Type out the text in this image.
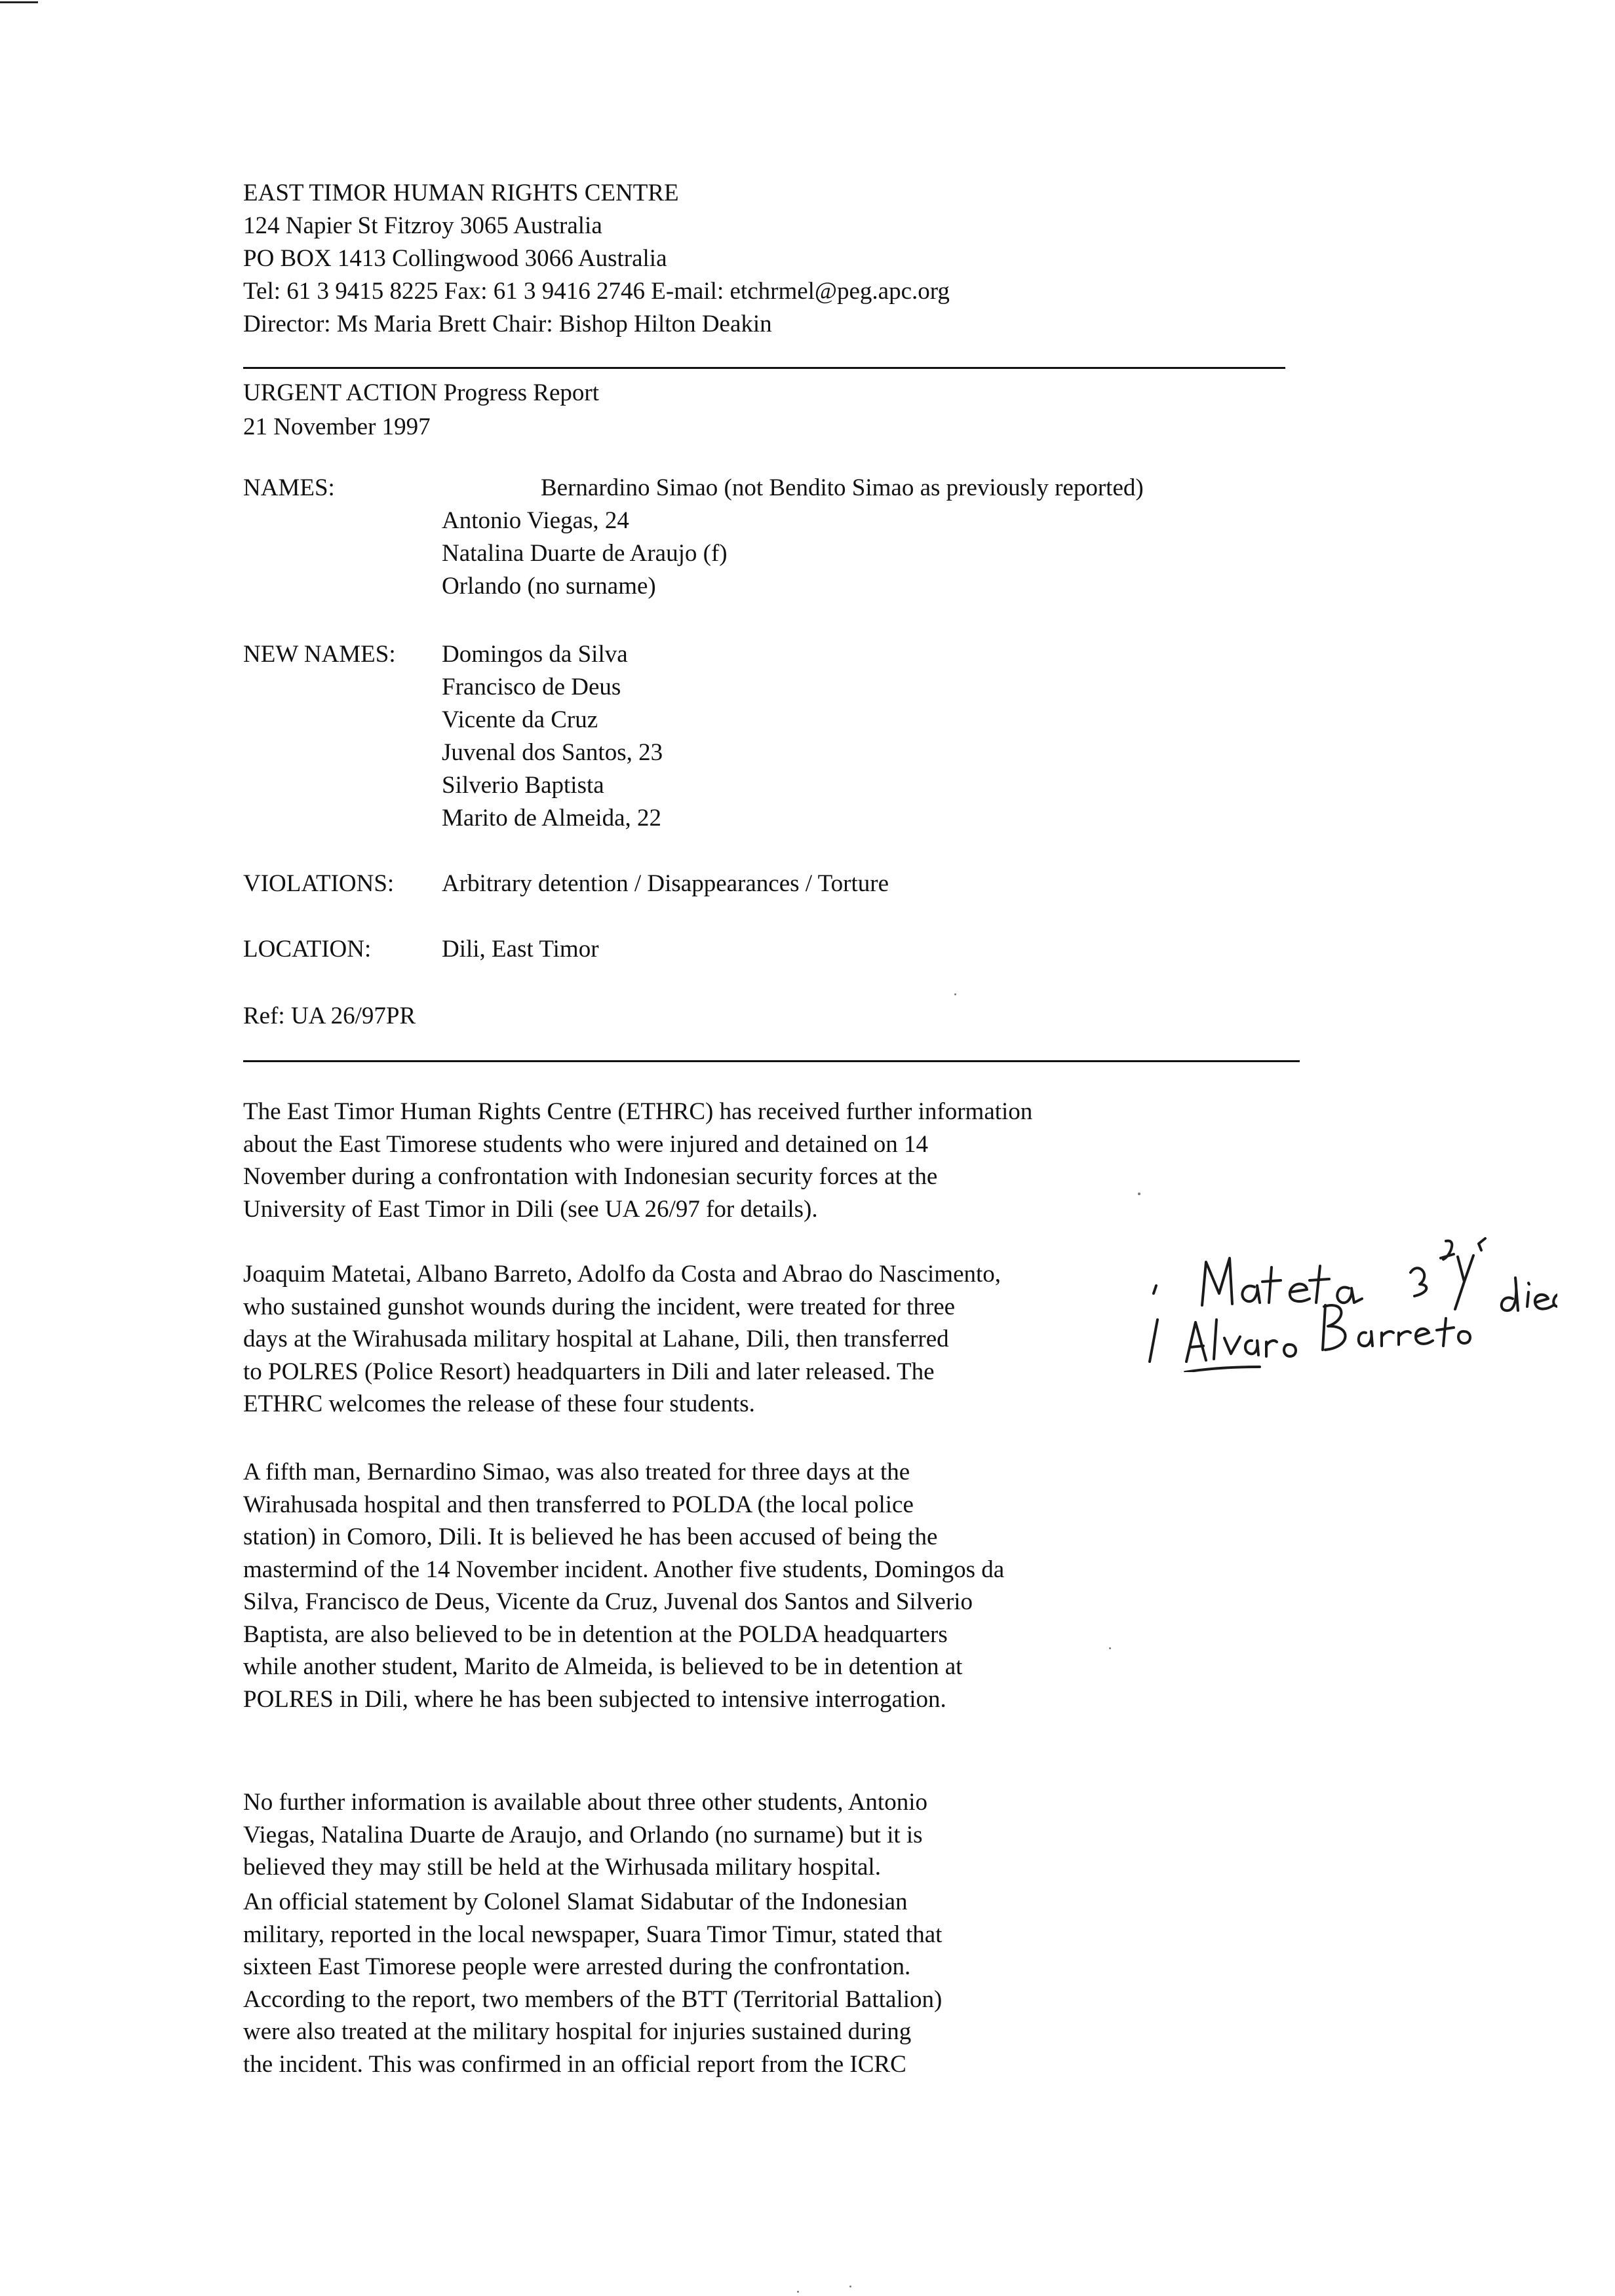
EAST TIMOR HUMAN RIGHTS CENTRE
124 Napier St Fitzroy 3065 Australia
PO BOX 1413 Collingwood 3066 Australia
Tel: 61 3 9415 8225 Fax: 61 3 9416 2746 E-mail: etchrmel@peg.apc.org
Director: Ms Maria Brett Chair: Bishop Hilton Deakin
URGENT ACTION Progress Report
21 November 1997
NAMES:	Bernardino Simao (not Bendito Simao as previously reported)
Antonio Viegas, 24
Natalina Duarte de Araujo (f)
Orlando (no surname)
NEW NAMES: Domingos da Silva
Francisco de Deus
Vicente da Cruz
Juvenal dos Santos, 23
Silverio Baptista
Marito de Almeida, 22
VIOLATIONS: Arbitrary detention / Disappearances / Torture
LOCATION:	Dili, East Timor
Ref: UA 26/97PR
The East Timor Human Rights Centre (ETHRC) has received further information
about the East Timorese students who were injured and detained on 14
November during a confrontation with Indonesian security forces at the
University of East Timor in Dili (see UA 26/97 for details).
Joaquim Matetai, Albano Barreto, Adolfo da Costa and Abrao do Nascimento,
who sustained gunshot wounds during the incident, were treated for three
days at the Wirahusada military hospital at Lahane, Dili, then transferred
to POLRES (Police Resort) headquarters in Dili and later released. The
ETHRC welcomes the release of these four students.
A fifth man, Bernardino Simao, was also treated for three days at the
Wirahusada hospital and then transferred to POLDA (the local police
station) in Comoro, Dili. It is believed he has been accused of being the
mastermind of the 14 November incident. Another five students, Domingos da
Silva, Francisco de Deus, Vicente da Cruz, Juvenal dos Santos and Silverio
Baptista, are also believed to be in detention at the POLDA headquarters
while another student, Marito de Almeida, is believed to be in detention at
POLRES in Dili, where he has been subjected to intensive interrogation.
No further information is available about three other students, Antonio
Viegas, Natalina Duarte de Araujo, and Orlando (no surname) but it is
believed they may still be held at the Wirhusada military hospital.
An official statement by Colonel Slamat Sidabutar of the Indonesian
military, reported in the local newspaper, Suara Timor Timur, stated that
sixteen East Timorese people were arrested during the confrontation.
According to the report, two members of the BTT (Territorial Battalion)
were also treated at the military hospital for injuries sustained during
the incident. This was confirmed in an official report from the ICRC
